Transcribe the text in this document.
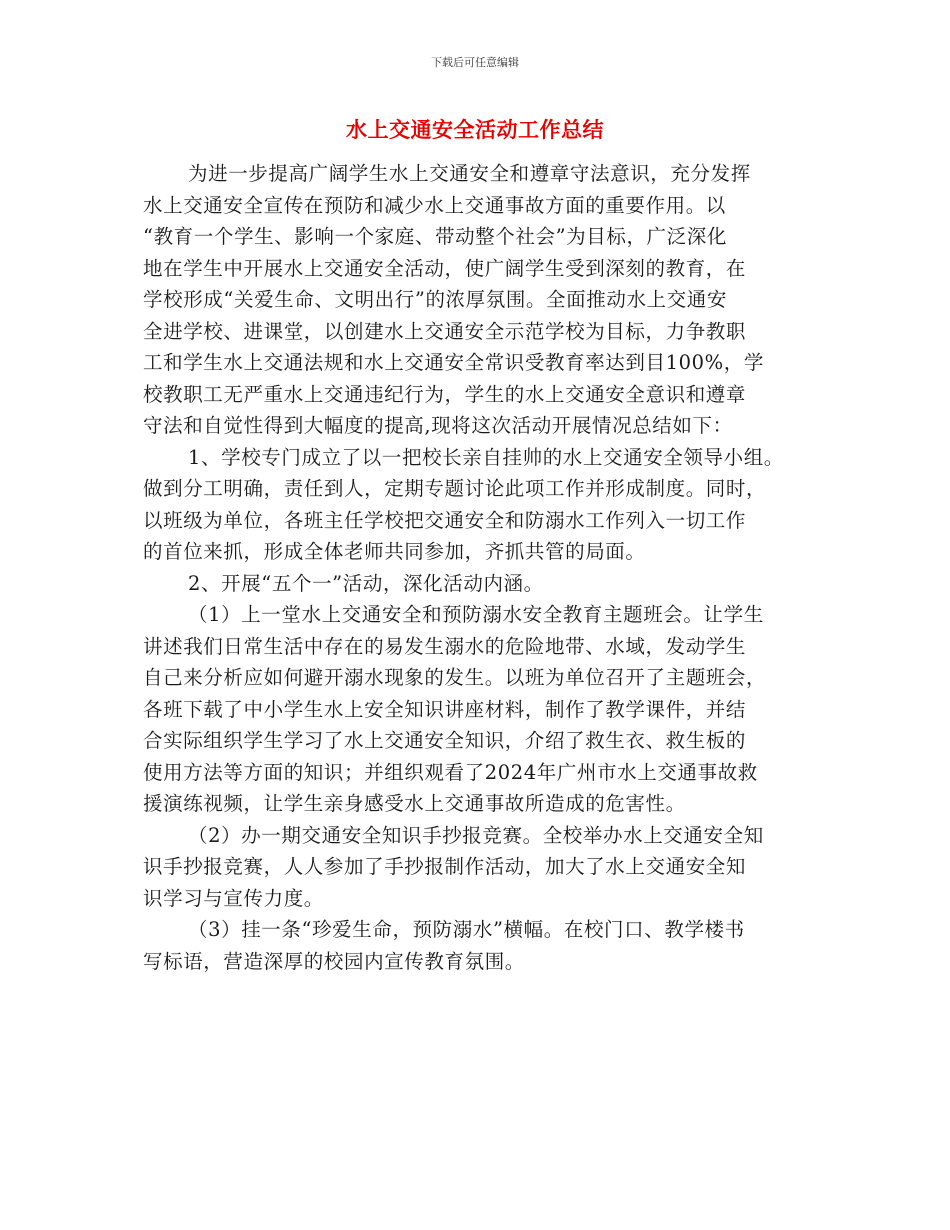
下载后可任意编辑
水上交通安全活动工作总结
为进一步提高广阔学生水上交通安全和遵章守法意识，充分发挥
水上交通安全宣传在预防和减少水上交通事故方面的重要作用。以
“教育一个学生、影响一个家庭、带动整个社会”为目标，广泛深化
地在学生中开展水上交通安全活动，使广阔学生受到深刻的教育，在
学校形成“关爱生命、文明出行”的浓厚氛围。全面推动水上交通安
全进学校、进课堂，以创建水上交通安全示范学校为目标，力争教职
工和学生水上交通法规和水上交通安全常识受教育率达到目100%，学
校教职工无严重水上交通违纪行为，学生的水上交通安全意识和遵章
守法和自觉性得到大幅度的提高,现将这次活动开展情况总结如下：
1、学校专门成立了以一把校长亲自挂帅的水上交通安全领导小组。
做到分工明确，责任到人，定期专题讨论此项工作并形成制度。同时，
以班级为单位，各班主任学校把交通安全和防溺水工作列入一切工作
的首位来抓，形成全体老师共同参加，齐抓共管的局面。
2、开展“五个一”活动，深化活动内涵。
（1）上一堂水上交通安全和预防溺水安全教育主题班会。让学生
讲述我们日常生活中存在的易发生溺水的危险地带、水域，发动学生
自己来分析应如何避开溺水现象的发生。以班为单位召开了主题班会，
各班下载了中小学生水上安全知识讲座材料，制作了教学课件，并结
合实际组织学生学习了水上交通安全知识，介绍了救生衣、救生板的
使用方法等方面的知识；并组织观看了2024年广州市水上交通事故救
援演练视频，让学生亲身感受水上交通事故所造成的危害性。
（2）办一期交通安全知识手抄报竞赛。全校举办水上交通安全知
识手抄报竞赛，人人参加了手抄报制作活动，加大了水上交通安全知
识学习与宣传力度。
（3）挂一条“珍爱生命，预防溺水”横幅。在校门口、教学楼书
写标语，营造深厚的校园内宣传教育氛围。
